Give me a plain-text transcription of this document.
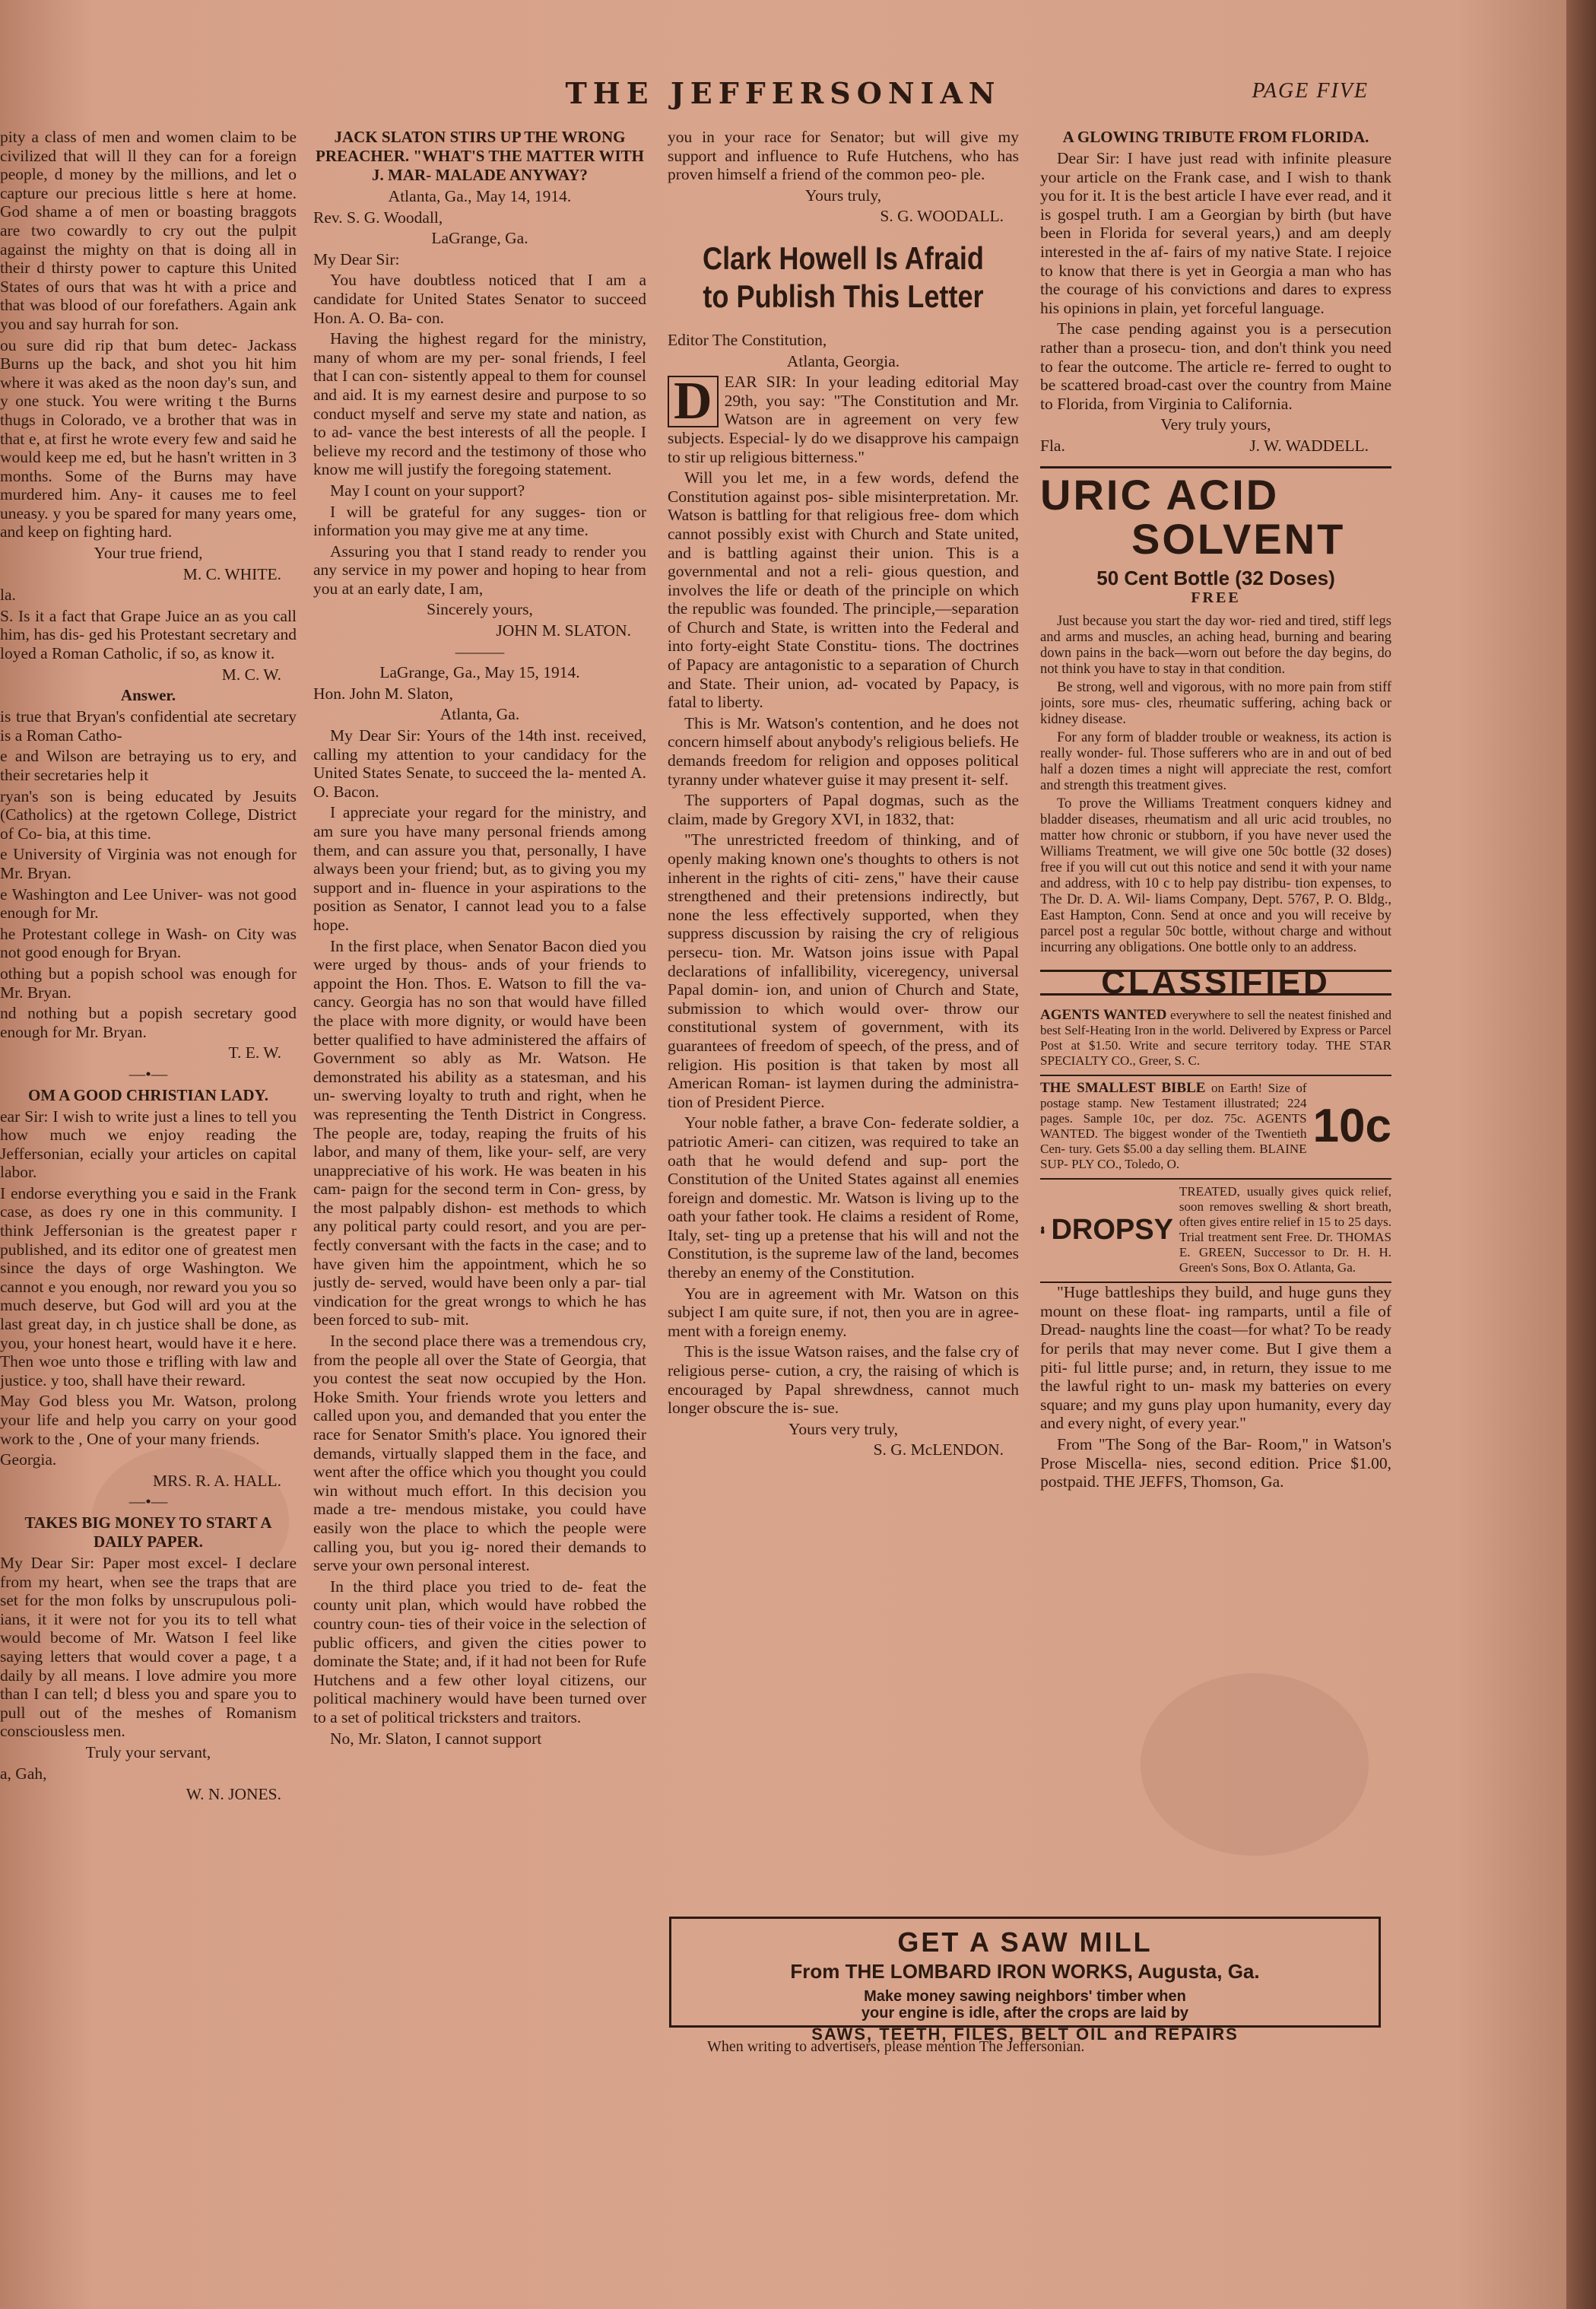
THE JEFFERSONIAN	PAGE FIVE

pity a class of men and women claim to be civilized that will ll they can for a foreign people, d money by the millions, and let o capture our precious little s here at home. God shame a of men or boasting braggots are two cowardly to cry out the pulpit against the mighty on that is doing all in their d thirsty power to capture this United States of ours that was ht with a price and that was blood of our forefathers. Again ank you and say hurrah for son.

ou sure did rip that bum detec- Jackass Burns up the back, and shot you hit him where it was aked as the noon day's sun, and y one stuck. You were writing t the Burns thugs in Colorado, ve a brother that was in that e, at first he wrote every few and said he would keep me ed, but he hasn't written in 3 months. Some of the Burns may have murdered him. Any- it causes me to feel uneasy. y you be spared for many years ome, and keep on fighting hard.

Your true friend,

M. C. WHITE.

la.

S. Is it a fact that Grape Juice an as you call him, has dis- ged his Protestant secretary and loyed a Roman Catholic, if so, as know it.

M. C. W.

Answer.

is true that Bryan's confidential ate secretary is a Roman Catho-

e and Wilson are betraying us to ery, and their secretaries help it

ryan's son is being educated by Jesuits (Catholics) at the rgetown College, District of Co- bia, at this time.

e University of Virginia was not enough for Mr. Bryan.

e Washington and Lee Univer- was not good enough for Mr.

he Protestant college in Wash- on City was not good enough for Bryan.

othing but a popish school was enough for Mr. Bryan.

nd nothing but a popish secretary good enough for Mr. Bryan.

T. E. W.

—•—

OM A GOOD CHRISTIAN LADY.

ear Sir: I wish to write just a lines to tell you how much we enjoy reading the Jeffersonian, ecially your articles on capital labor.

I endorse everything you e said in the Frank case, as does ry one in this community. I think Jeffersonian is the greatest paper r published, and its editor one of greatest men since the days of orge Washington. We cannot e you enough, nor reward you you so much deserve, but God will ard you at the last great day, in ch justice shall be done, as you, your honest heart, would have it e here. Then woe unto those e trifling with law and justice. y too, shall have their reward.

May God bless you Mr. Watson, prolong your life and help you carry on your good work to the , One of your many friends.

Georgia.

MRS. R. A. HALL.

—•—

TAKES BIG MONEY TO START A DAILY PAPER.

My Dear Sir: Paper most excel- I declare from my heart, when see the traps that are set for the mon folks by unscrupulous poli- ians, it it were not for you its to tell what would become of Mr. Watson I feel like saying letters that would cover a page, t a daily by all means. I love admire you more than I can tell; d bless you and spare you to pull out of the meshes of Romanism consciousless men.

Truly your servant,

a, Gah,

W. N. JONES.

JACK SLATON STIRS UP THE WRONG PREACHER. "WHAT'S THE MATTER WITH J. MAR- MALADE ANYWAY?

Atlanta, Ga., May 14, 1914.

Rev. S. G. Woodall,

LaGrange, Ga.

My Dear Sir:

You have doubtless noticed that I am a candidate for United States Senator to succeed Hon. A. O. Ba- con.

Having the highest regard for the ministry, many of whom are my per- sonal friends, I feel that I can con- sistently appeal to them for counsel and aid. It is my earnest desire and purpose to so conduct myself and serve my state and nation, as to ad- vance the best interests of all the people. I believe my record and the testimony of those who know me will justify the foregoing statement.

May I count on your support?

I will be grateful for any sugges- tion or information you may give me at any time.

Assuring you that I stand ready to render you any service in my power and hoping to hear from you at an early date, I am,

Sincerely yours,

JOHN M. SLATON.

———

LaGrange, Ga., May 15, 1914.

Hon. John M. Slaton,

Atlanta, Ga.

My Dear Sir: Yours of the 14th inst. received, calling my attention to your candidacy for the United States Senate, to succeed the la- mented A. O. Bacon.

I appreciate your regard for the ministry, and am sure you have many personal friends among them, and can assure you that, personally, I have always been your friend; but, as to giving you my support and in- fluence in your aspirations to the position as Senator, I cannot lead you to a false hope.

In the first place, when Senator Bacon died you were urged by thous- ands of your friends to appoint the Hon. Thos. E. Watson to fill the va- cancy. Georgia has no son that would have filled the place with more dignity, or would have been better qualified to have administered the affairs of Government so ably as Mr. Watson. He demonstrated his ability as a statesman, and his un- swerving loyalty to truth and right, when he was representing the Tenth District in Congress. The people are, today, reaping the fruits of his labor, and many of them, like your- self, are very unappreciative of his work. He was beaten in his cam- paign for the second term in Con- gress, by the most palpably dishon- est methods to which any political party could resort, and you are per- fectly conversant with the facts in the case; and to have given him the appointment, which he so justly de- served, would have been only a par- tial vindication for the great wrongs to which he has been forced to sub- mit.

In the second place there was a tremendous cry, from the people all over the State of Georgia, that you contest the seat now occupied by the Hon. Hoke Smith. Your friends wrote you letters and called upon you, and demanded that you enter the race for Senator Smith's place. You ignored their demands, virtually slapped them in the face, and went after the office which you thought you could win without much effort. In this decision you made a tre- mendous mistake, you could have easily won the place to which the people were calling you, but you ig- nored their demands to serve your own personal interest.

In the third place you tried to de- feat the county unit plan, which would have robbed the country coun- ties of their voice in the selection of public officers, and given the cities power to dominate the State; and, if it had not been for Rufe Hutchens and a few other loyal citizens, our political machinery would have been turned over to a set of political tricksters and traitors.

No, Mr. Slaton, I cannot support

you in your race for Senator; but will give my support and influence to Rufe Hutchens, who has proven himself a friend of the common peo- ple.

Yours truly,

S. G. WOODALL.

Clark Howell Is Afraid to Publish This Letter

Editor The Constitution,

Atlanta, Georgia.

D EAR SIR: In your leading editorial May 29th, you say: "The Constitution and Mr. Watson are in agreement on very few subjects. Especial- ly do we disapprove his campaign to stir up religious bitterness."

Will you let me, in a few words, defend the Constitution against pos- sible misinterpretation. Mr. Watson is battling for that religious free- dom which cannot possibly exist with Church and State united, and is battling against their union. This is a governmental and not a reli- gious question, and involves the life or death of the principle on which the republic was founded. The principle,—separation of Church and State, is written into the Federal and into forty-eight State Constitu- tions. The doctrines of Papacy are antagonistic to a separation of Church and State. Their union, ad- vocated by Papacy, is fatal to liberty.

This is Mr. Watson's contention, and he does not concern himself about anybody's religious beliefs. He demands freedom for religion and opposes political tyranny under whatever guise it may present it- self.

The supporters of Papal dogmas, such as the claim, made by Gregory XVI, in 1832, that:

"The unrestricted freedom of thinking, and of openly making known one's thoughts to others is not inherent in the rights of citi- zens," have their cause strengthened and their pretensions indirectly, but none the less effectively supported, when they suppress discussion by raising the cry of religious persecu- tion. Mr. Watson joins issue with Papal declarations of infallibility, viceregency, universal Papal domin- ion, and union of Church and State, submission to which would over- throw our constitutional system of government, with its guarantees of freedom of speech, of the press, and of religion. His position is that taken by most all American Roman- ist laymen during the administra- tion of President Pierce.

Your noble father, a brave Con- federate soldier, a patriotic Ameri- can citizen, was required to take an oath that he would defend and sup- port the Constitution of the United States against all enemies foreign and domestic. Mr. Watson is living up to the oath your father took. He claims a resident of Rome, Italy, set- ting up a pretense that his will and not the Constitution, is the supreme law of the land, becomes thereby an enemy of the Constitution.

You are in agreement with Mr. Watson on this subject I am quite sure, if not, then you are in agree- ment with a foreign enemy.

This is the issue Watson raises, and the false cry of religious perse- cution, a cry, the raising of which is encouraged by Papal shrewdness, cannot much longer obscure the is- sue.

Yours very truly,

S. G. McLENDON.

A GLOWING TRIBUTE FROM FLORIDA.

Dear Sir: I have just read with infinite pleasure your article on the Frank case, and I wish to thank you for it. It is the best article I have ever read, and it is gospel truth. I am a Georgian by birth (but have been in Florida for several years,) and am deeply interested in the af- fairs of my native State. I rejoice to know that there is yet in Georgia a man who has the courage of his convictions and dares to express his opinions in plain, yet forceful language.

The case pending against you is a persecution rather than a prosecu- tion, and don't think you need to fear the outcome. The article re- ferred to ought to be scattered broad-cast over the country from Maine to Florida, from Virginia to California.

Very truly yours,

Fla.	J. W. WADDELL.

URIC ACID
SOLVENT
50 Cent Bottle (32 Doses)
FREE

Just because you start the day wor- ried and tired, stiff legs and arms and muscles, an aching head, burning and bearing down pains in the back—worn out before the day begins, do not think you have to stay in that condition.

Be strong, well and vigorous, with no more pain from stiff joints, sore mus- cles, rheumatic suffering, aching back or kidney disease.

For any form of bladder trouble or weakness, its action is really wonder- ful. Those sufferers who are in and out of bed half a dozen times a night will appreciate the rest, comfort and strength this treatment gives.

To prove the Williams Treatment conquers kidney and bladder diseases, rheumatism and all uric acid troubles, no matter how chronic or stubborn, if you have never used the Williams Treatment, we will give one 50c bottle (32 doses) free if you will cut out this notice and send it with your name and address, with 10 c to help pay distribu- tion expenses, to The Dr. D. A. Wil- liams Company, Dept. 5767, P. O. Bldg., East Hampton, Conn. Send at once and you will receive by parcel post a regular 50c bottle, without charge and without incurring any obligations. One bottle only to an address.

CLASSIFIED
AGENTS WANTED everywhere to sell the neatest finished and best Self-Heating Iron in the world. Delivered by Express or Parcel Post at $1.50. Write and secure territory today. THE STAR SPECIALTY CO., Greer, S. C.
THE SMALLEST BIBLE on Earth! Size of postage stamp. New Testament illustrated; 224 pages. Sample 10c, per doz. 75c. AGENTS WANTED. The biggest wonder of the Twentieth Cen- tury. Gets $5.00 a day selling them. BLAINE SUP- PLY CO., Toledo, O.
10c
DROPSY
TREATED, usually gives quick relief, soon removes swelling & short breath, often gives entire relief in 15 to 25 days. Trial treatment sent Free. Dr. THOMAS E. GREEN, Successor to Dr. H. H. Green's Sons, Box O. Atlanta, Ga.

"Huge battleships they build, and huge guns they mount on these float- ing ramparts, until a file of Dread- naughts line the coast—for what? To be ready for perils that may never come. But I give them a piti- ful little purse; and, in return, they issue to me the lawful right to un- mask my batteries on every square; and my guns play upon humanity, every day and every night, of every year."

From "The Song of the Bar- Room," in Watson's Prose Miscella- nies, second edition. Price $1.00, postpaid. THE JEFFS, Thomson, Ga.

GET A SAW MILL
From THE LOMBARD IRON WORKS, Augusta, Ga.
Make money sawing neighbors' timber when
your engine is idle, after the crops are laid by
SAWS, TEETH, FILES, BELT OIL and REPAIRS
When writing to advertisers, please mention The Jeffersonian.
